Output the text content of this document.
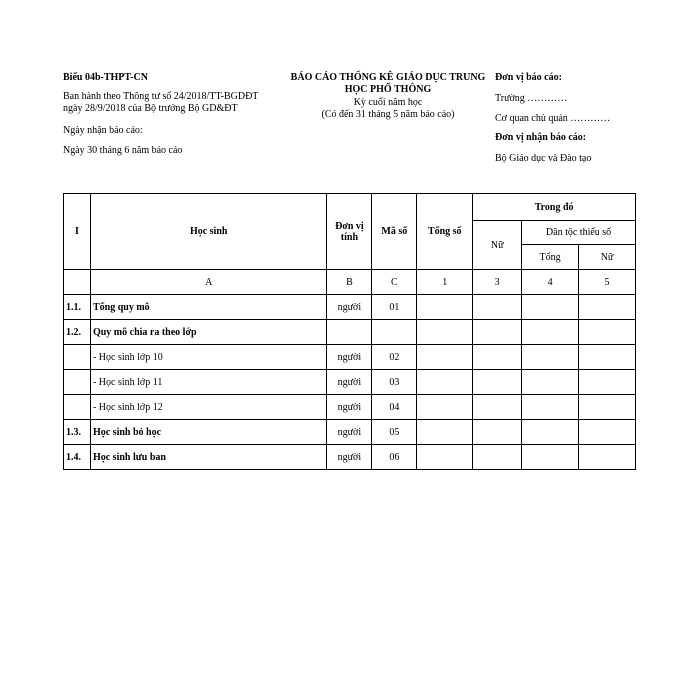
Biểu 04b-THPT-CN
Ban hành theo Thông tư số 24/2018/TT-BGDĐT
ngày 28/9/2018 của Bộ trưởng Bộ GD&ĐT
Ngày nhận báo cáo:
Ngày 30 tháng 6 năm báo cáo
BÁO CÁO THỐNG KÊ GIÁO DỤC TRUNG
HỌC PHỔ THÔNG
Kỳ cuối năm học
(Có đến 31 tháng 5 năm báo cáo)
Đơn vị báo cáo:
Trường …………
Cơ quan chủ quản …………
Đơn vị nhận báo cáo:
Bộ Giáo dục và Đào tạo
I	Học sinh	Đơn vị tính	Mã số	Tổng số	Trong đó		
					Nữ	Dân tộc thiểu số	
						Tổng	Nữ
	A	B	C	1	3	4	5
1.1.	Tổng quy mô	người	01				
1.2.	Quy mô chia ra theo lớp						
	- Học sinh lớp 10	người	02				
	- Học sinh lớp 11	người	03				
	- Học sinh lớp 12	người	04				
1.3.	Học sinh bỏ học	người	05				
1.4.	Học sinh lưu ban	người	06				
